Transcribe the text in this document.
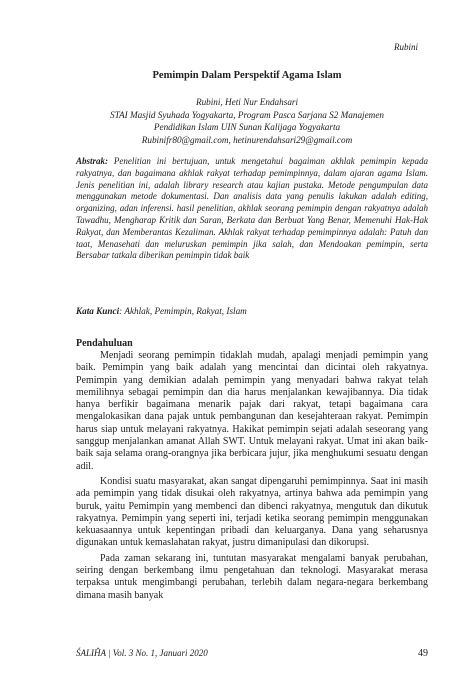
Rubini
Pemimpin Dalam Perspektif Agama Islam
Rubini, Heti Nur Endahsari
STAI Masjid Syuhada Yogyakarta, Program Pasca Sarjana S2 Manajemen
Pendidikan Islam UIN Sunan Kalijaga Yogyakarta
Rubinifr80@gmail.com, hetinurendahsari29@gmail.com
Abstrak: Penelitian ini bertujuan, untuk mengetahui bagaiman akhlak pemimpin kepada rakyatnya, dan bagaimana akhlak rakyat terhadap pemimpinnya, dalam ajaran agama Islam. Jenis penelitian ini, adalah library research atau kajian pustaka. Metode pengumpulan data menggunakan metode dokumentasi. Dan analisis data yang penulis lakukan adalah editing, organizing, adan inferensi. hasil penelitian, akhlak seorang pemimpin dengan rakyatnya adalah Tawadhu, Mengharap Kritik dan Saran, Berkata dan Berbuat Yang Benar, Memenuhi Hak-Hak Rakyat, dan Memberantas Kezaliman. Akhlak rakyat terhadap pemimpinnya adalah: Patuh dan taat, Menasehati dan meluruskan pemimpin jika salah, dan Mendoakan pemimpin, serta Bersabar tatkala diberikan pemimpin tidak baik
Kata Kunci: Akhlak, Pemimpin, Rakyat, Islam
Pendahuluan

Menjadi seorang pemimpin tidaklah mudah, apalagi menjadi pemimpin yang baik. Pemimpin yang baik adalah yang mencintai dan dicintai oleh rakyatnya. Pemimpin yang demikian adalah pemimpin yang menyadari bahwa rakyat telah memilihnya sebagai pemimpin dan dia harus menjalankan kewajibannya. Dia tidak hanya berfikir bagaimana menarik pajak dari rakyat, tetapi bagaimana cara mengalokasikan dana pajak untuk pembangunan dan kesejahteraan rakyat. Pemimpin harus siap untuk melayani rakyatnya. Hakikat pemimpin sejati adalah seseorang yang sanggup menjalankan amanat Allah SWT. Untuk melayani rakyat. Umat ini akan baik-baik saja selama orang-orangnya jika berbicara jujur, jika menghukumi sesuatu dengan adil.

Kondisi suatu masyarakat, akan sangat dipengaruhi pemimpinnya. Saat ini masih ada pemimpin yang tidak disukai oleh rakyatnya, artinya bahwa ada pemimpin yang buruk, yaitu Pemimpin yang membenci dan dibenci rakyatnya, mengutuk dan dikutuk rakyatnya. Pemimpin yang seperti ini, terjadi ketika seorang pemimpin menggunakan kekuasaannya untuk kepentingan pribadi dan keluarganya. Dana yang seharusnya digunakan untuk kemaslahatan rakyat, justru dimanipulasi dan dikorupsi.

Pada zaman sekarang ini, tuntutan masyarakat mengalami banyak perubahan, seiring dengan berkembang ilmu pengetahuan dan teknologi. Masyarakat merasa terpaksa untuk mengimbangi perubahan, terlebih dalam negara-negara berkembang dimana masih banyak

ŚALIĤA | Vol. 3 No. 1, Januari 2020	49
